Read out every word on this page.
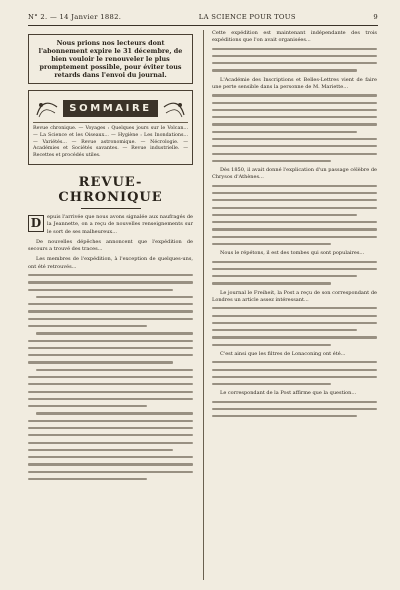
N° 2. — 14 Janvier 1882.	LA SCIENCE POUR TOUS	9
Nous prions nos lecteurs dont l'abonnement expire le 31 décembre, de bien vouloir le renouveler le plus promptement possible, pour éviter tous retards dans l'envoi du journal.
SOMMAIRE
Revue chronique. — Voyages : Quelques jours sur le Volcan... — La Science et les Oiseaux... — Hygiène : Les Inondations... — Variétés... — Revue astronomique. — Nécrologie. — Académies et Sociétés savantes. — Revue industrielle. — Recettes et procédés utiles.
REVUE-CHRONIQUE
D	epuis l'arrivée que nous avons signalée aux naufragés de la Jeannette, on a reçu de nouvelles renseignements sur le sort de ses malheureux...

De nouvelles dépêches annoncent que l'expédition de secours a trouvé des traces...

Les membres de l'expédition, à l'exception de quelques-uns, ont été retrouvés...

Cette expédition est maintenant indépendante des trois expéditions que l'on avait organisées...

L'Académie des Inscriptions et Belles-Lettres vient de faire une perte sensible dans la personne de M. Mariette...

Dès 1850, il avait donné l'explication d'un passage célèbre de Chrysos d'Athènes...

Nous le répétons, il est des tombes qui sont populaires...

Le journal le Freiheit, la Post a reçu de son correspondant de Londres un article assez intéressant...

C'est ainsi que les filtres de Lonaconing ont été...

Le correspondant de la Post affirme que la question...
